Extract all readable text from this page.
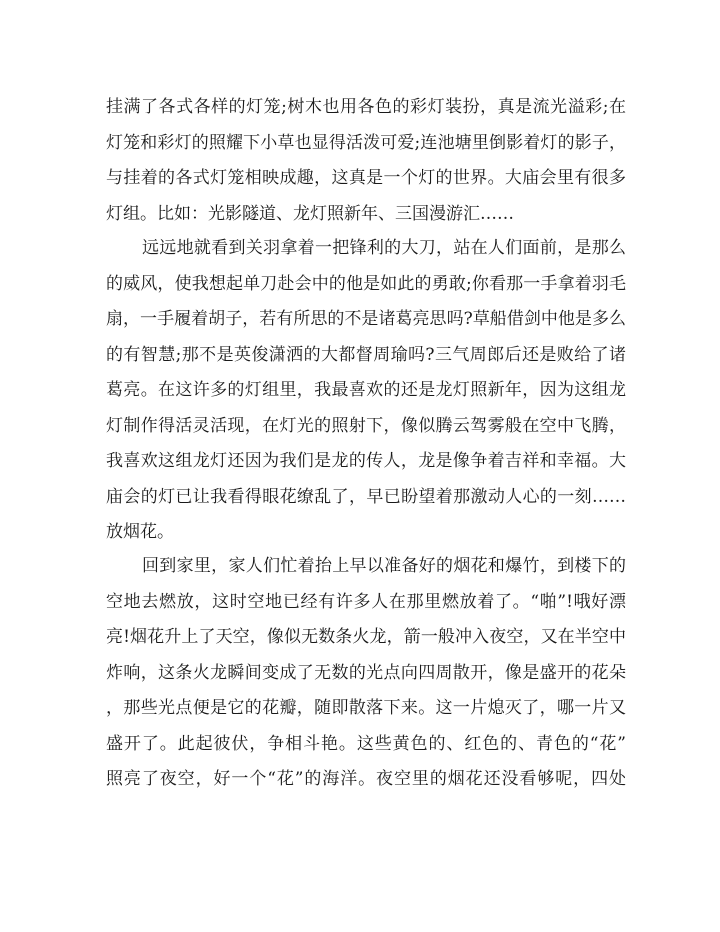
挂满了各式各样的灯笼;树木也用各色的彩灯装扮，真是流光溢彩;在
灯笼和彩灯的照耀下小草也显得活泼可爱;连池塘里倒影着灯的影子，
与挂着的各式灯笼相映成趣，这真是一个灯的世界。大庙会里有很多
灯组。比如：光影隧道、龙灯照新年、三国漫游汇……
远远地就看到关羽拿着一把锋利的大刀，站在人们面前，是那么
的威风，使我想起单刀赴会中的他是如此的勇敢;你看那一手拿着羽毛
扇，一手履着胡子，若有所思的不是诸葛亮思吗?草船借剑中他是多么
的有智慧;那不是英俊潇洒的大都督周瑜吗?三气周郎后还是败给了诸
葛亮。在这许多的灯组里，我最喜欢的还是龙灯照新年，因为这组龙
灯制作得活灵活现，在灯光的照射下，像似腾云驾雾般在空中飞腾，
我喜欢这组龙灯还因为我们是龙的传人，龙是像争着吉祥和幸福。大
庙会的灯已让我看得眼花缭乱了，早已盼望着那激动人心的一刻……
放烟花。
回到家里，家人们忙着抬上早以准备好的烟花和爆竹，到楼下的
空地去燃放，这时空地已经有许多人在那里燃放着了。“啪”!哦好漂
亮!烟花升上了天空，像似无数条火龙，箭一般冲入夜空，又在半空中
炸响，这条火龙瞬间变成了无数的光点向四周散开，像是盛开的花朵
，那些光点便是它的花瓣，随即散落下来。这一片熄灭了，哪一片又
盛开了。此起彼伏，争相斗艳。这些黄色的、红色的、青色的“花”
照亮了夜空，好一个“花”的海洋。夜空里的烟花还没看够呢，四处
